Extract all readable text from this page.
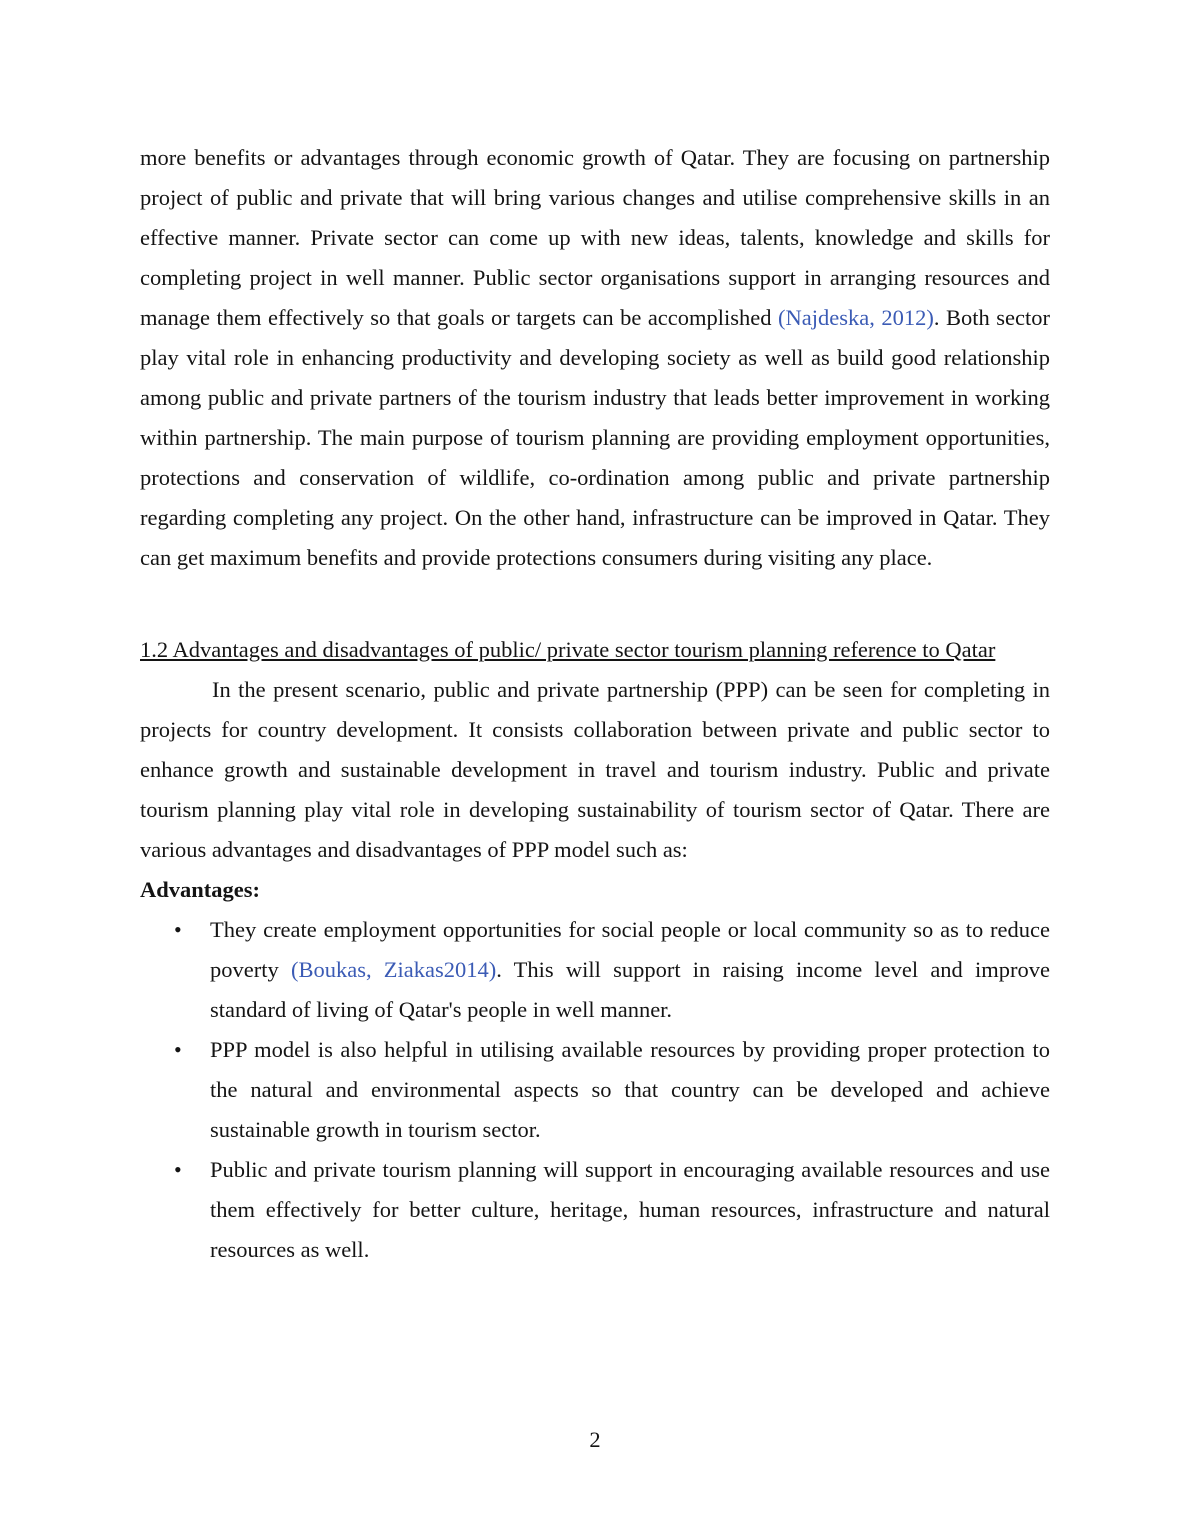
more benefits or advantages through economic growth of Qatar. They are focusing on partnership project of public and private that will bring various changes and utilise comprehensive skills in an effective manner. Private sector can come up with new ideas, talents, knowledge and skills for completing project in well manner. Public sector organisations support in arranging resources and manage them effectively so that goals or targets can be accomplished (Najdeska, 2012). Both sector play vital role in enhancing productivity and developing society as well as build good relationship among public and private partners of the tourism industry that leads better improvement in working within partnership. The main purpose of tourism planning are providing employment opportunities, protections and conservation of wildlife, co-ordination among public and private partnership regarding completing any project. On the other hand, infrastructure can be improved in Qatar. They can get maximum benefits and provide protections consumers during visiting any place.

1.2 Advantages and disadvantages of public/ private sector tourism planning reference to Qatar

In the present scenario, public and private partnership (PPP) can be seen for completing in projects for country development. It consists collaboration between private and public sector to enhance growth and sustainable development in travel and tourism industry. Public and private tourism planning play vital role in developing sustainability of tourism sector of Qatar. There are various advantages and disadvantages of PPP model such as:

Advantages:

• They create employment opportunities for social people or local community so as to reduce poverty (Boukas, Ziakas2014). This will support in raising income level and improve standard of living of Qatar's people in well manner.
• PPP model is also helpful in utilising available resources by providing proper protection to the natural and environmental aspects so that country can be developed and achieve sustainable growth in tourism sector.
• Public and private tourism planning will support in encouraging available resources and use them effectively for better culture, heritage, human resources, infrastructure and natural resources as well.
2
